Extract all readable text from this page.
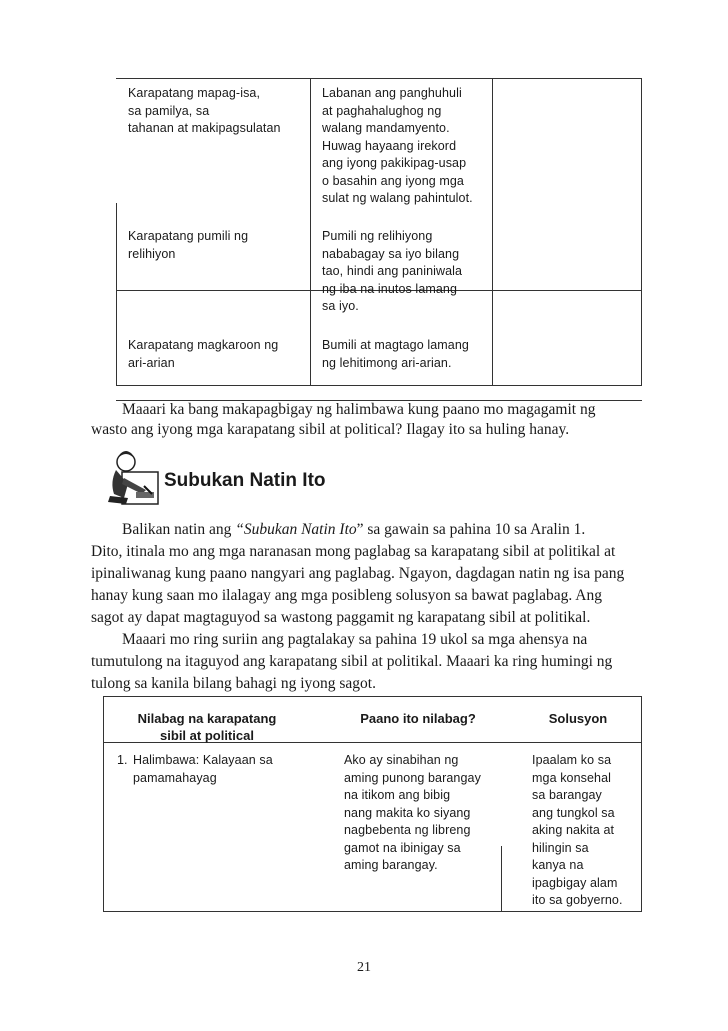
Karapatang mapag-isa,
sa pamilya, sa
tahanan at makipagsulatan
Labanan ang panghuhuli
at paghahalughog ng
walang mandamyento.
Huwag hayaang irekord
ang iyong pakikipag-usap
o basahin ang iyong mga
sulat ng walang pahintulot.
Karapatang pumili ng
relihiyon
Pumili ng relihiyong
nababagay sa iyo bilang
tao, hindi ang paniniwala
ng iba na inutos lamang
sa iyo.
Karapatang magkaroon ng
ari-arian
Bumili at magtago lamang
ng lehitimong ari-arian.
Maaari ka bang makapagbigay ng halimbawa kung paano mo magagamit ng
wasto ang iyong mga karapatang sibil at political? Ilagay ito sa huling hanay.
Subukan Natin Ito
Balikan natin ang “Subukan Natin Ito” sa gawain sa pahina 10 sa Aralin 1.
Dito, itinala mo ang mga naranasan mong paglabag sa karapatang sibil at politikal at
ipinaliwanag kung paano nangyari ang paglabag. Ngayon, dagdagan natin ng isa pang
hanay kung saan mo ilalagay ang mga posibleng solusyon sa bawat paglabag. Ang
sagot ay dapat magtaguyod sa wastong paggamit ng karapatang sibil at politikal.
Maaari mo ring suriin ang pagtalakay sa pahina 19 ukol sa mga ahensya na
tumutulong na itaguyod ang karapatang sibil at politikal. Maaari ka ring humingi ng
tulong sa kanila bilang bahagi ng iyong sagot.
Nilabag na karapatang
sibil at political
Paano ito nilabag?	Solusyon
1. Halimbawa: Kalayaan sa
pamamahayag
Ako ay sinabihan ng
aming punong barangay
na itikom ang bibig
nang makita ko siyang
nagbebenta ng libreng
gamot na ibinigay sa
aming barangay.
Ipaalam ko sa
mga konsehal
sa barangay
ang tungkol sa
aking nakita at
hilingin sa
kanya na
ipagbigay alam
ito sa gobyerno.
21
